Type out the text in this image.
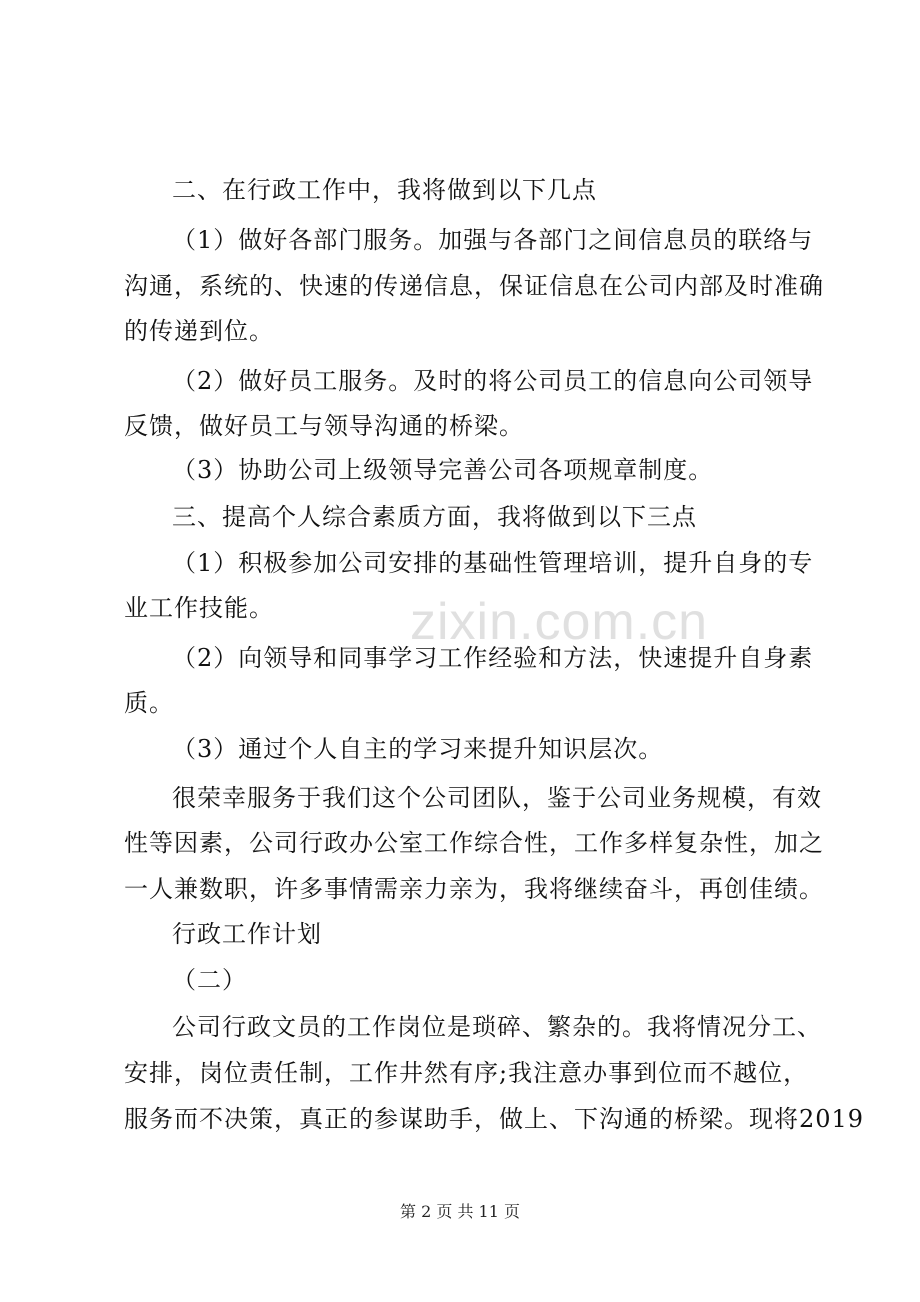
zixin.com.cn
二、在行政工作中，我将做到以下几点
（1）做好各部门服务。加强与各部门之间信息员的联络与
沟通，系统的、快速的传递信息，保证信息在公司内部及时准确
的传递到位。
（2）做好员工服务。及时的将公司员工的信息向公司领导
反馈，做好员工与领导沟通的桥梁。
（3）协助公司上级领导完善公司各项规章制度。
三、提高个人综合素质方面，我将做到以下三点
（1）积极参加公司安排的基础性管理培训，提升自身的专
业工作技能。
（2）向领导和同事学习工作经验和方法，快速提升自身素
质。
（3）通过个人自主的学习来提升知识层次。
很荣幸服务于我们这个公司团队，鉴于公司业务规模，有效
性等因素，公司行政办公室工作综合性，工作多样复杂性，加之
一人兼数职，许多事情需亲力亲为，我将继续奋斗，再创佳绩。
行政工作计划
（二）
公司行政文员的工作岗位是琐碎、繁杂的。我将情况分工、
安排，岗位责任制，工作井然有序;我注意办事到位而不越位，
服务而不决策，真正的参谋助手，做上、下沟通的桥梁。现将2019
第 2 页 共 11 页
